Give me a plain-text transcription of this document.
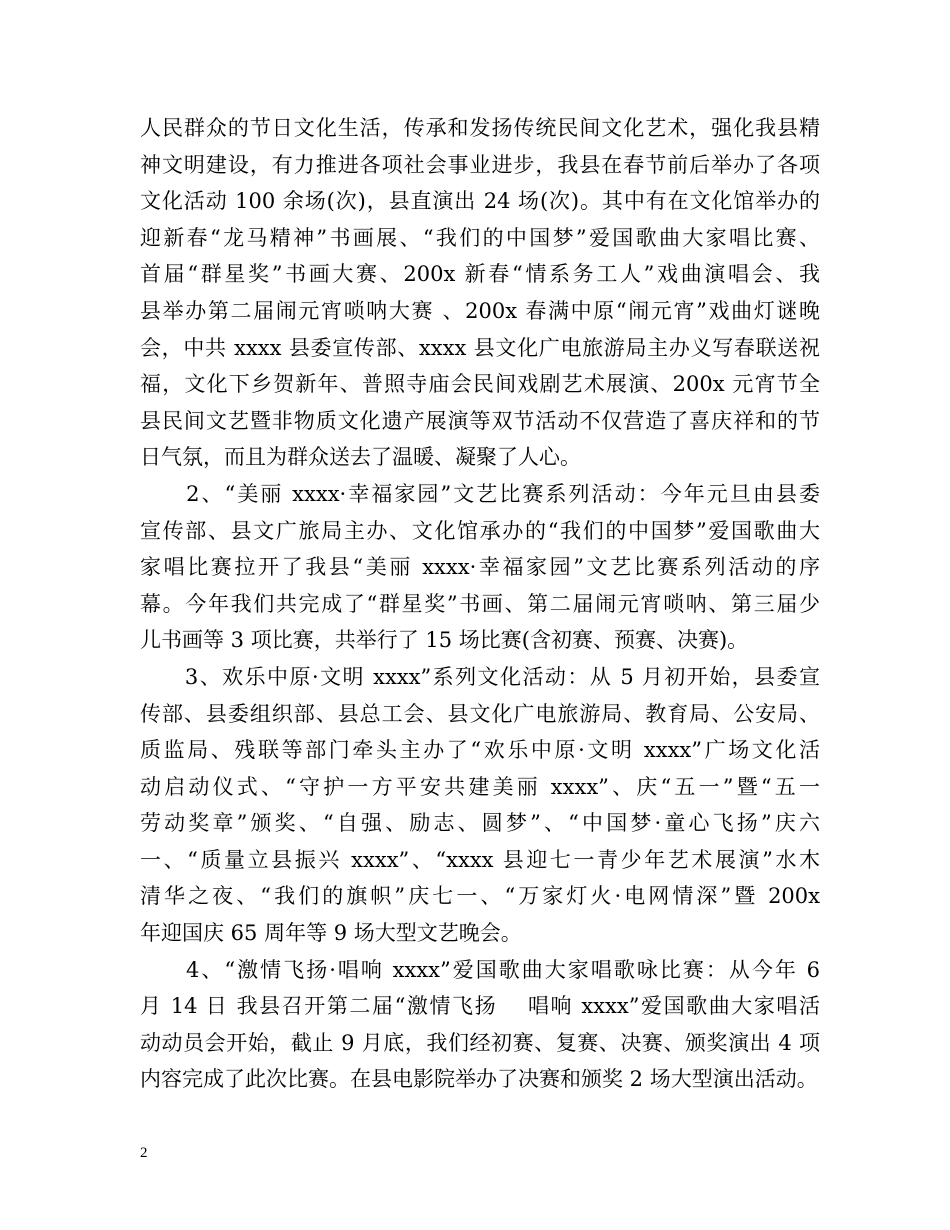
人民群众的节日文化生活，传承和发扬传统民间文化艺术，强化我县精
神文明建设，有力推进各项社会事业进步，我县在春节前后举办了各项
文化活动 100 余场(次)，县直演出 24 场(次)。其中有在文化馆举办的
迎新春“龙马精神”书画展、“我们的中国梦”爱国歌曲大家唱比赛、
首届“群星奖”书画大赛、200x 新春“情系务工人”戏曲演唱会、我
县举办第二届闹元宵唢呐大赛 、200x 春满中原“闹元宵”戏曲灯谜晚
会，中共 xxxx 县委宣传部、xxxx 县文化广电旅游局主办义写春联送祝
福，文化下乡贺新年、普照寺庙会民间戏剧艺术展演、200x 元宵节全
县民间文艺暨非物质文化遗产展演等双节活动不仅营造了喜庆祥和的节
日气氛，而且为群众送去了温暖、凝聚了人心。
　　2、“美丽 xxxx·幸福家园”文艺比赛系列活动：今年元旦由县委
宣传部、县文广旅局主办、文化馆承办的“我们的中国梦”爱国歌曲大
家唱比赛拉开了我县“美丽 xxxx·幸福家园”文艺比赛系列活动的序
幕。今年我们共完成了“群星奖”书画、第二届闹元宵唢呐、第三届少
儿书画等 3 项比赛，共举行了 15 场比赛(含初赛、预赛、决赛)。
　　3、欢乐中原·文明 xxxx”系列文化活动：从 5 月初开始，县委宣
传部、县委组织部、县总工会、县文化广电旅游局、教育局、公安局、
质监局、残联等部门牵头主办了“欢乐中原·文明 xxxx”广场文化活
动启动仪式、“守护一方平安共建美丽 xxxx”、庆“五一”暨“五一
劳动奖章”颁奖、“自强、励志、圆梦”、“中国梦·童心飞扬”庆六
一、“质量立县振兴 xxxx”、“xxxx 县迎七一青少年艺术展演”水木
清华之夜、“我们的旗帜”庆七一、“万家灯火·电网情深”暨 200x
年迎国庆 65 周年等 9 场大型文艺晚会。
　　4、“激情飞扬·唱响 xxxx”爱国歌曲大家唱歌咏比赛：从今年 6
月 14 日 我县召开第二届“激情飞扬　 唱响 xxxx”爱国歌曲大家唱活
动动员会开始，截止 9 月底，我们经初赛、复赛、决赛、颁奖演出 4 项
内容完成了此次比赛。在县电影院举办了决赛和颁奖 2 场大型演出活动。
2
